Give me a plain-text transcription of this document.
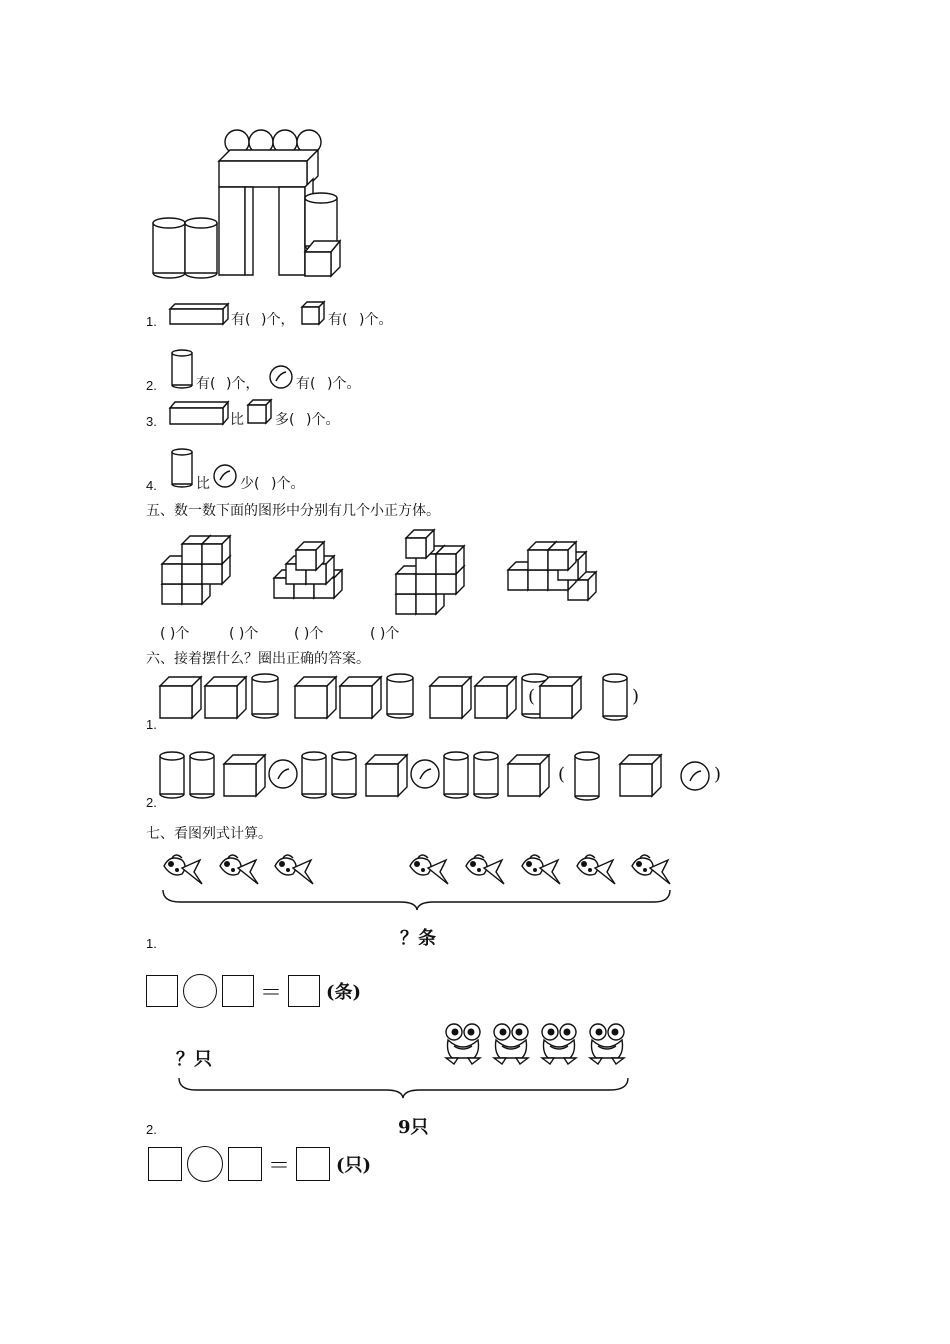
1.	有( )个， 有( )个。
2.	有( )个，	有( )个。
3.	比 多( )个。
4.	比 少( )个。
五、数一数下面的图形中分别有几个小正方体。
( )个	( )个	( )个	( )个
六、接着摆什么？圈出正确的答案。
1.
(	)
2.
(	)
七、看图列式计算。
？条
1.
＝ (条)
？只
9只
2.
＝	(只)
